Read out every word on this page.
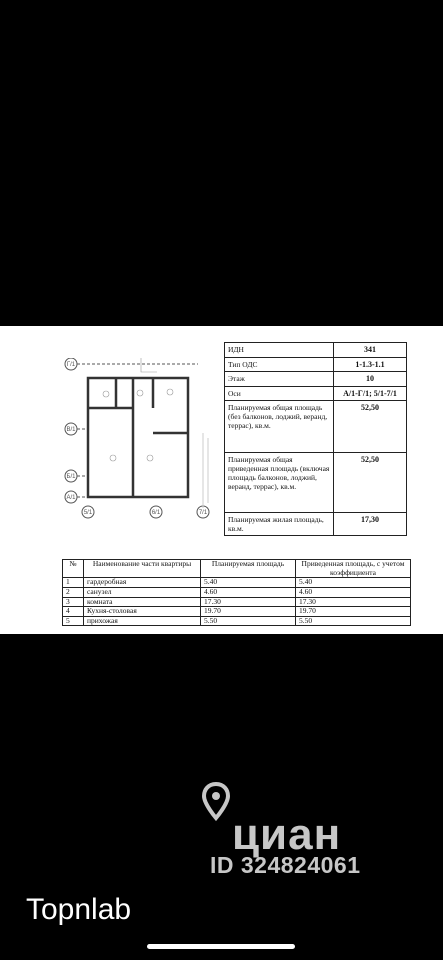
Г/1
В/1
Б/1
А/1
5/1	6/1	7/1
ИДН	341
Тип ОДС	1-1.3-1.1
Этаж	10
Оси	А/1-Г/1; 5/1-7/1
Планируемая общая площадь (без балконов, лоджий, веранд, террас), кв.м.	52,50
Планируемая общая приведенная площадь (включая площадь балконов, лоджий, веранд, террас), кв.м.	52,50
Планируемая жилая площадь, кв.м.	17,30
№	Наименование части квартиры	Планируемая площадь	Приведенная площадь, с учетом коэффициента
1	гардеробная	5.40	5.40
2	санузел	4.60	4.60
3	комната	17.30	17.30
4	Кухня-столовая	19.70	19.70
5	прихожая	5.50	5.50
циан
ID 324824061
Topnlab
